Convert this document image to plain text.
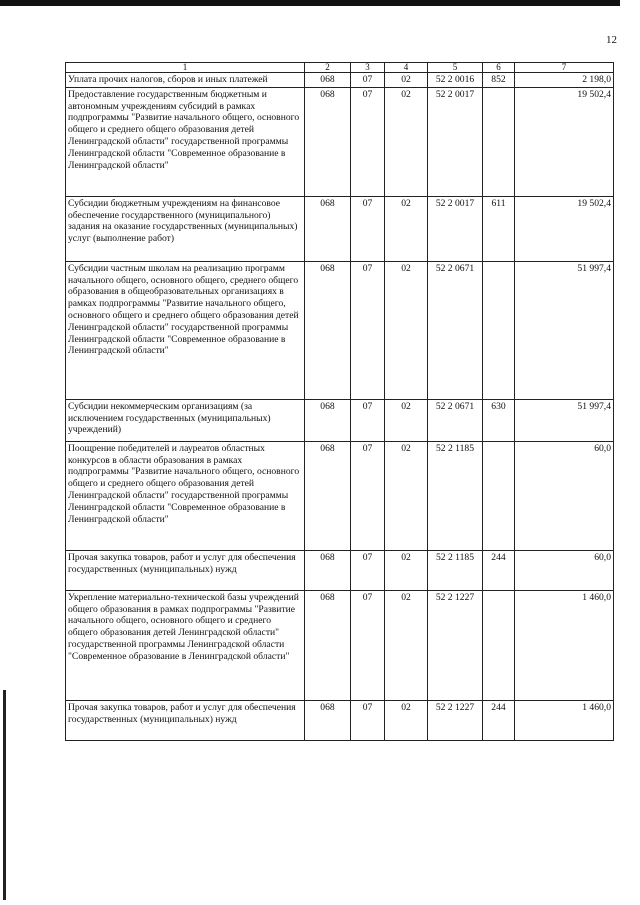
12
1	2	3	4	5	6	7
Уплата прочих налогов, сборов и иных платежей	068	07	02	52 2 0016	852	2 198,0
Предоставление государственным бюджетным и автономным учреждениям субсидий в рамках подпрограммы "Развитие начального общего, основного общего и среднего общего образования детей Ленинградской области" государственной программы Ленинградской области "Современное образование в Ленинградской области"	068	07	02	52 2 0017		19 502,4
Субсидии бюджетным учреждениям на финансовое обеспечение государственного (муниципального) задания на оказание государственных (муниципальных) услуг (выполнение работ)	068	07	02	52 2 0017	611	19 502,4
Субсидии частным школам на реализацию программ начального общего, основного общего, среднего общего образования в общеобразовательных организациях в рамках подпрограммы "Развитие начального общего, основного общего и среднего общего образования детей Ленинградской области" государственной программы Ленинградской области "Современное образование в Ленинградской области"	068	07	02	52 2 0671		51 997,4
Субсидии некоммерческим организациям (за исключением государственных (муниципальных) учреждений)	068	07	02	52 2 0671	630	51 997,4
Поощрение победителей и лауреатов областных конкурсов в области образования в рамках подпрограммы "Развитие начального общего, основного общего и среднего общего образования детей Ленинградской области" государственной программы Ленинградской области "Современное образование в Ленинградской области"	068	07	02	52 2 1185		60,0
Прочая закупка товаров, работ и услуг для обеспечения государственных (муниципальных) нужд	068	07	02	52 2 1185	244	60,0
Укрепление материально-технической базы учреждений общего образования в рамках подпрограммы "Развитие начального общего, основного общего и среднего общего образования детей Ленинградской области" государственной программы Ленинградской области "Современное образование в Ленинградской области"	068	07	02	52 2 1227		1 460,0
Прочая закупка товаров, работ и услуг для обеспечения государственных (муниципальных) нужд	068	07	02	52 2 1227	244	1 460,0
